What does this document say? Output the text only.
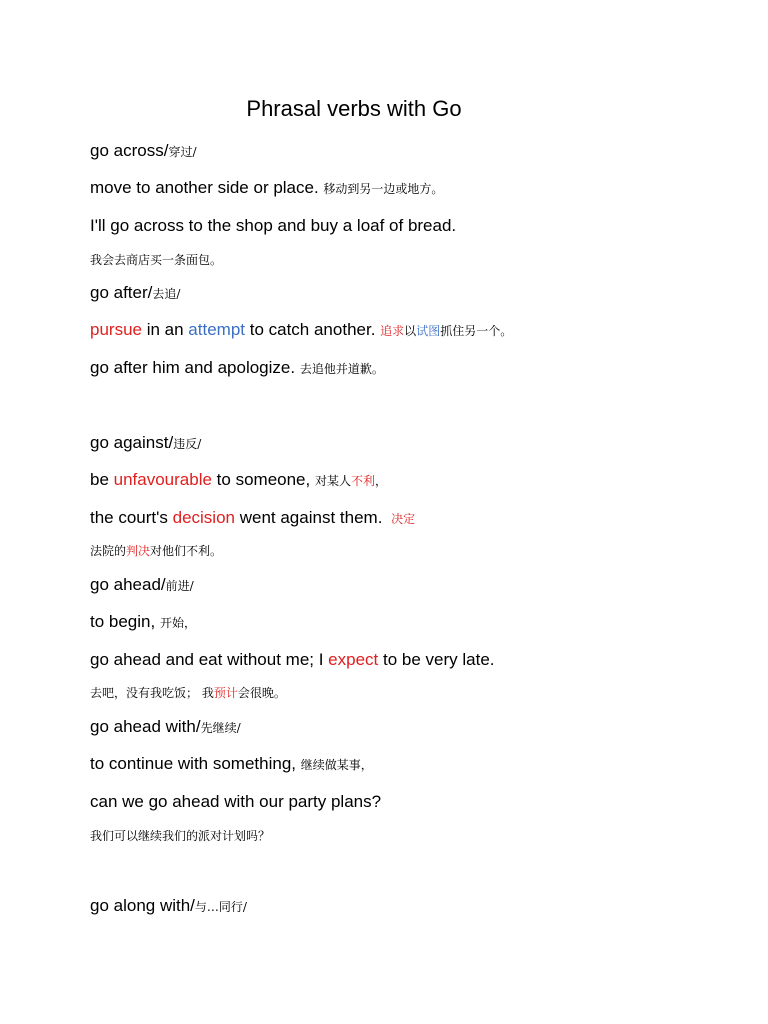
Phrasal verbs with Go
go across/穿过/
move to another side or place. 移动到另一边或地方。
I'll go across to the shop and buy a loaf of bread.
我会去商店买一条面包。
go after/去追/
pursue in an attempt to catch another. 追求以试图抓住另一个。
go after him and apologize. 去追他并道歉。
go against/违反/
be unfavourable to someone, 对某人不利，
the court's decision went against them. 决定
法院的判决对他们不利。
go ahead/前进/
to begin, 开始，
go ahead and eat without me; I expect to be very late.
去吧，没有我吃饭； 我预计会很晚。
go ahead with/先继续/
to continue with something, 继续做某事，
can we go ahead with our party plans?
我们可以继续我们的派对计划吗？
go along with/与…同行/
